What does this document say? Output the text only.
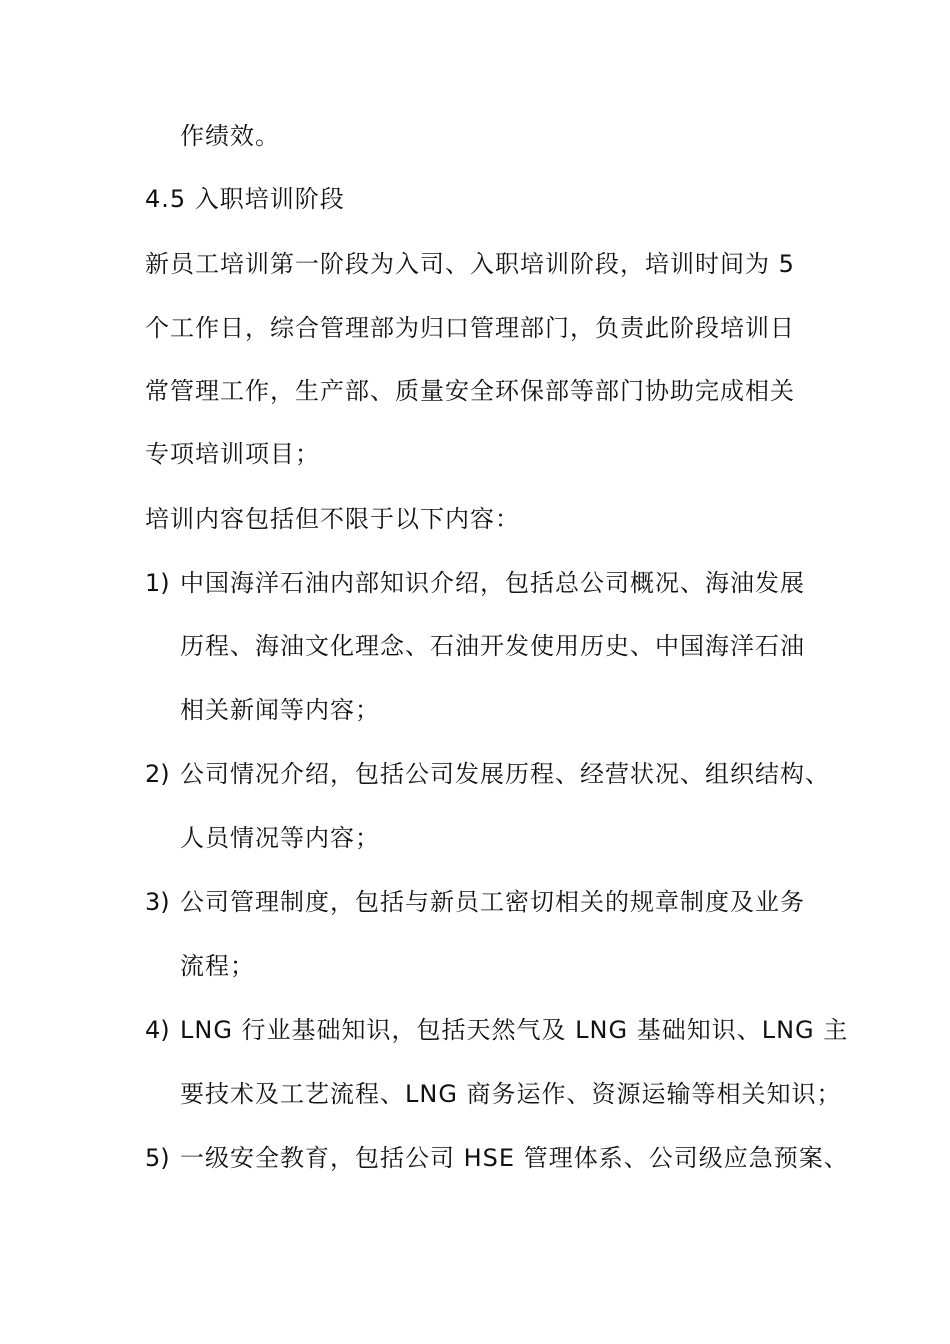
作绩效。
4.5 入职培训阶段
新员工培训第一阶段为入司、入职培训阶段，培训时间为 5
个工作日，综合管理部为归口管理部门，负责此阶段培训日
常管理工作，生产部、质量安全环保部等部门协助完成相关
专项培训项目；
培训内容包括但不限于以下内容：
1) 中国海洋石油内部知识介绍，包括总公司概况、海油发展
历程、海油文化理念、石油开发使用历史、中国海洋石油
相关新闻等内容；
2) 公司情况介绍，包括公司发展历程、经营状况、组织结构、
人员情况等内容；
3) 公司管理制度，包括与新员工密切相关的规章制度及业务
流程；
4) LNG 行业基础知识，包括天然气及 LNG 基础知识、LNG 主
要技术及工艺流程、LNG 商务运作、资源运输等相关知识；
5) 一级安全教育，包括公司 HSE 管理体系、公司级应急预案、
